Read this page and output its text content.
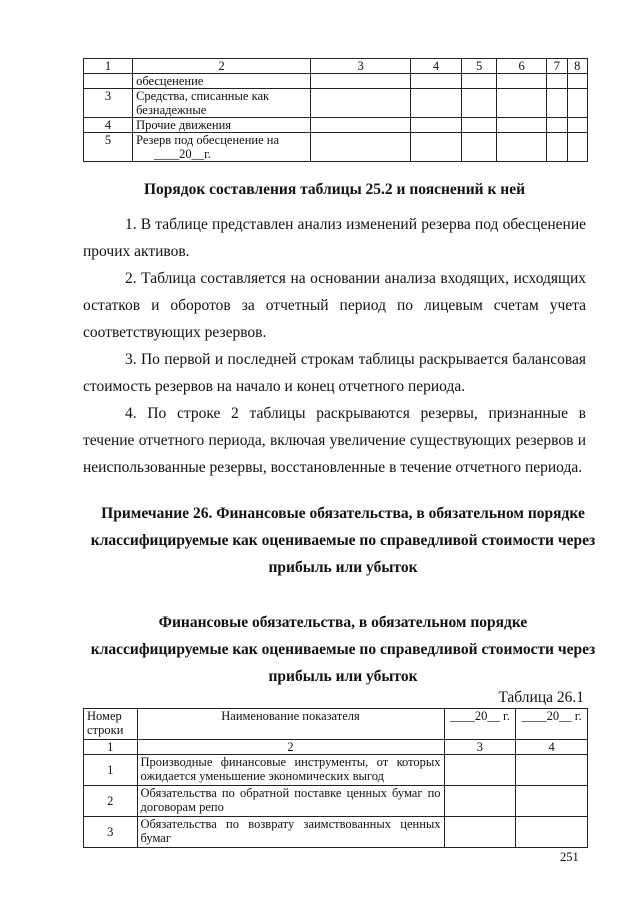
1	2	3	4	5	6	7	8
	обесценение						
3	Средства, списанные как безнадежные						
4	Прочие движения						
5	Резерв под обесценение на
____20__г.						
Порядок составления таблицы 25.2 и пояснений к ней
1. В таблице представлен анализ изменений резерва под обесценение прочих активов.
2. Таблица составляется на основании анализа входящих, исходящих остатков и оборотов за отчетный период по лицевым счетам учета соответствующих резервов.
3. По первой и последней строкам таблицы раскрывается балансовая стоимость резервов на начало и конец отчетного периода.
4. По строке 2 таблицы раскрываются резервы, признанные в течение отчетного периода, включая увеличение существующих резервов и неиспользованные резервы, восстановленные в течение отчетного периода.
Примечание 26. Финансовые обязательства, в обязательном порядке
классифицируемые как оцениваемые по справедливой стоимости через
прибыль или убыток
Финансовые обязательства, в обязательном порядке
классифицируемые как оцениваемые по справедливой стоимости через
прибыль или убыток
Таблица 26.1
Номер строки	Наименование показателя	____20__ г.	____20__ г.
1	2	3	4
1	Производные финансовые инструменты, от которых ожидается уменьшение экономических выгод		
2	Обязательства по обратной поставке ценных бумаг по договорам репо		
3	Обязательства по возврату заимствованных ценных бумаг		
251
